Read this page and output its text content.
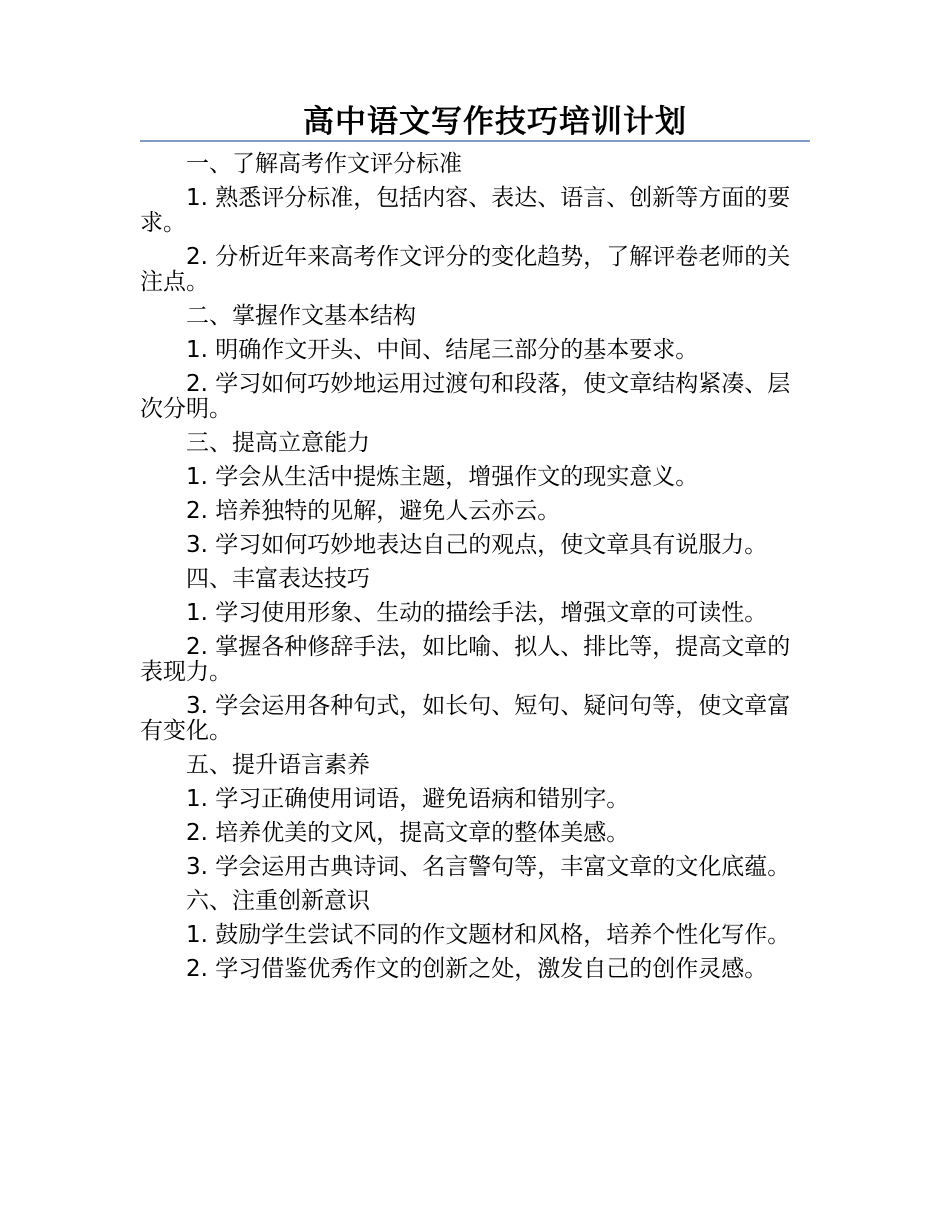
高中语文写作技巧培训计划

一、了解高考作文评分标准

1. 熟悉评分标准，包括内容、表达、语言、创新等方面的要求。

2. 分析近年来高考作文评分的变化趋势，了解评卷老师的关注点。

二、掌握作文基本结构

1. 明确作文开头、中间、结尾三部分的基本要求。

2. 学习如何巧妙地运用过渡句和段落，使文章结构紧凑、层次分明。

三、提高立意能力

1. 学会从生活中提炼主题，增强作文的现实意义。

2. 培养独特的见解，避免人云亦云。

3. 学习如何巧妙地表达自己的观点，使文章具有说服力。

四、丰富表达技巧

1. 学习使用形象、生动的描绘手法，增强文章的可读性。

2. 掌握各种修辞手法，如比喻、拟人、排比等，提高文章的表现力。

3. 学会运用各种句式，如长句、短句、疑问句等，使文章富有变化。

五、提升语言素养

1. 学习正确使用词语，避免语病和错别字。

2. 培养优美的文风，提高文章的整体美感。

3. 学会运用古典诗词、名言警句等，丰富文章的文化底蕴。

六、注重创新意识

1. 鼓励学生尝试不同的作文题材和风格，培养个性化写作。

2. 学习借鉴优秀作文的创新之处，激发自己的创作灵感。
